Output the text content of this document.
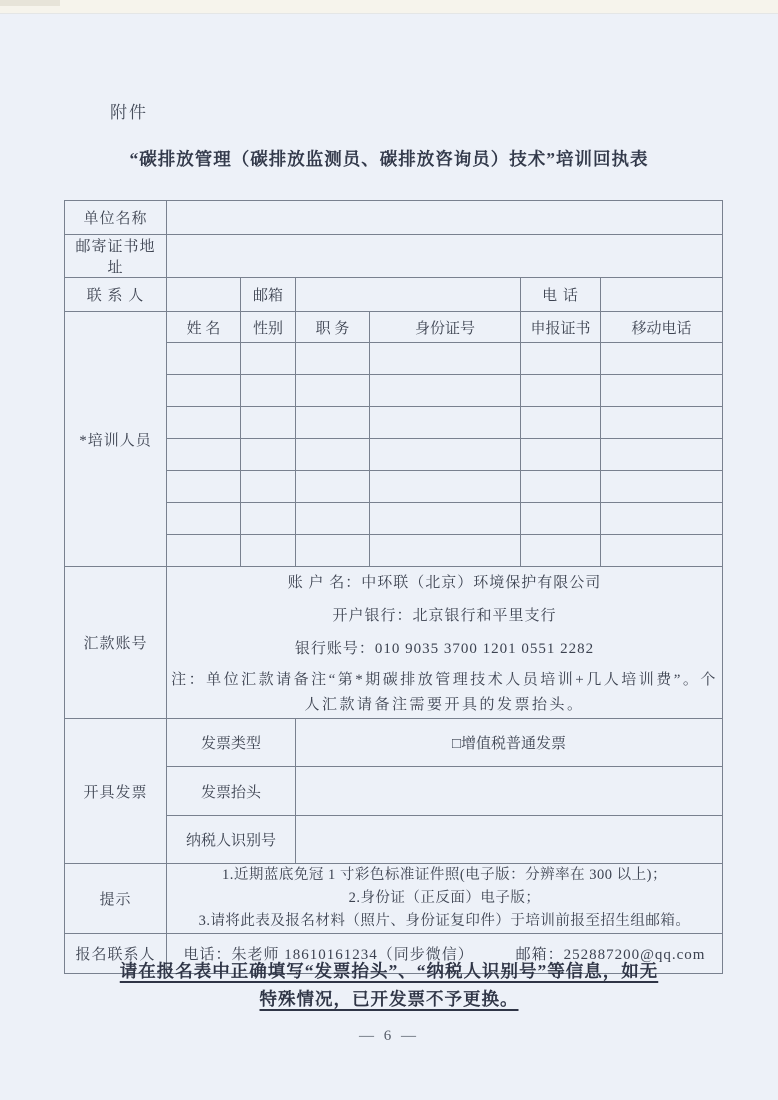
附件
“碳排放管理（碳排放监测员、碳排放咨询员）技术”培训回执表
单位名称						
邮寄证书地址						
联 系 人		邮箱			电 话	
*培训人员	姓 名	性别	职 务	身份证号	申报证书	移动电话

汇款账号	账 户 名：中环联（北京）环境保护有限公司
开户银行：北京银行和平里支行
银行账号：010 9035 3700 1201 0551 2282
注：单位汇款请备注“第*期碳排放管理技术人员培训+几人培训费”。个人汇款请备注需要开具的发票抬头。					

开具发票	发票类型		□增值税普通发票			
	发票抬头					
	纳税人识别号					
提示	1.近期蓝底免冠 1 寸彩色标准证件照(电子版：分辨率在 300 以上)；
2.身份证（正反面）电子版；
3.请将此表及报名材料（照片、身份证复印件）于培训前报至招生组邮箱。					

报名联系人	电话：朱老师 18610161234（同步微信） 邮箱：252887200@qq.com					
请在报名表中正确填写“发票抬头”、“纳税人识别号”等信息，如无
特殊情况，已开发票不予更换。
— 6 —
